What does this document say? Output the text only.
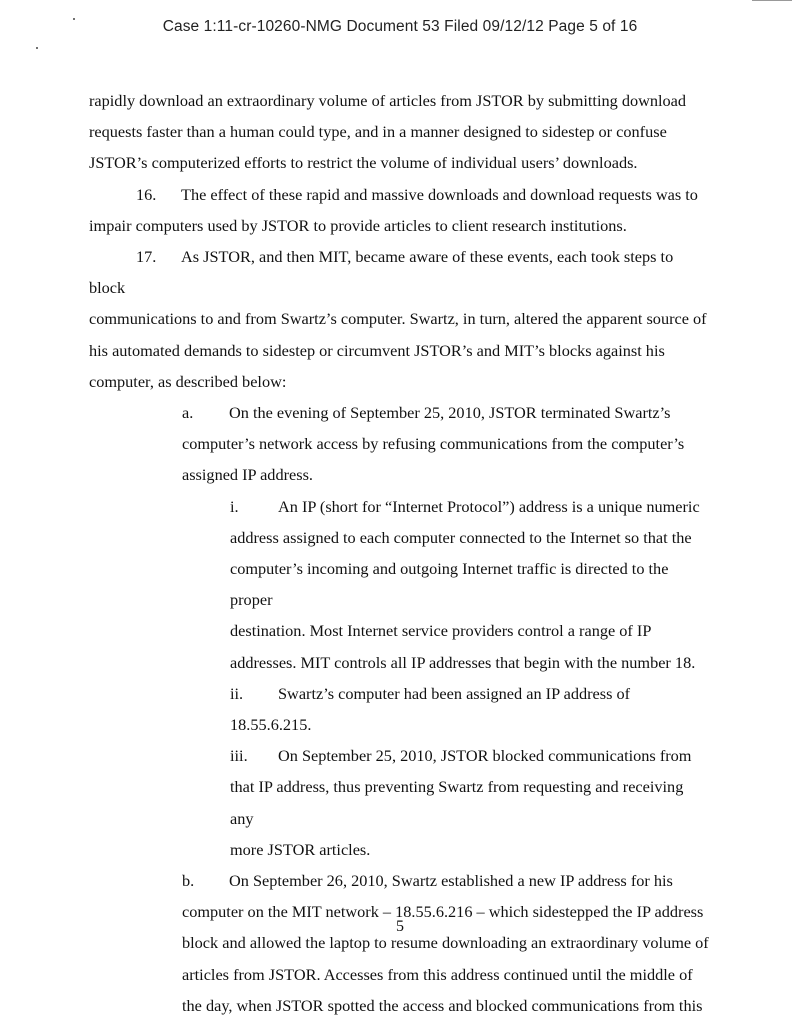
Case 1:11-cr-10260-NMG Document 53 Filed 09/12/12 Page 5 of 16
rapidly download an extraordinary volume of articles from JSTOR by submitting download
requests faster than a human could type, and in a manner designed to sidestep or confuse
JSTOR’s computerized efforts to restrict the volume of individual users’ downloads.
16. The effect of these rapid and massive downloads and download requests was to
impair computers used by JSTOR to provide articles to client research institutions.
17. As JSTOR, and then MIT, became aware of these events, each took steps to block
communications to and from Swartz’s computer. Swartz, in turn, altered the apparent source of
his automated demands to sidestep or circumvent JSTOR’s and MIT’s blocks against his
computer, as described below:
a. On the evening of September 25, 2010, JSTOR terminated Swartz’s
computer’s network access by refusing communications from the computer’s
assigned IP address.
i. An IP (short for “Internet Protocol”) address is a unique numeric
address assigned to each computer connected to the Internet so that the
computer’s incoming and outgoing Internet traffic is directed to the proper
destination. Most Internet service providers control a range of IP
addresses. MIT controls all IP addresses that begin with the number 18.
ii. Swartz’s computer had been assigned an IP address of 18.55.6.215.
iii. On September 25, 2010, JSTOR blocked communications from
that IP address, thus preventing Swartz from requesting and receiving any
more JSTOR articles.
b. On September 26, 2010, Swartz established a new IP address for his
computer on the MIT network – 18.55.6.216 – which sidestepped the IP address
block and allowed the laptop to resume downloading an extraordinary volume of
articles from JSTOR. Accesses from this address continued until the middle of
the day, when JSTOR spotted the access and blocked communications from this
5
